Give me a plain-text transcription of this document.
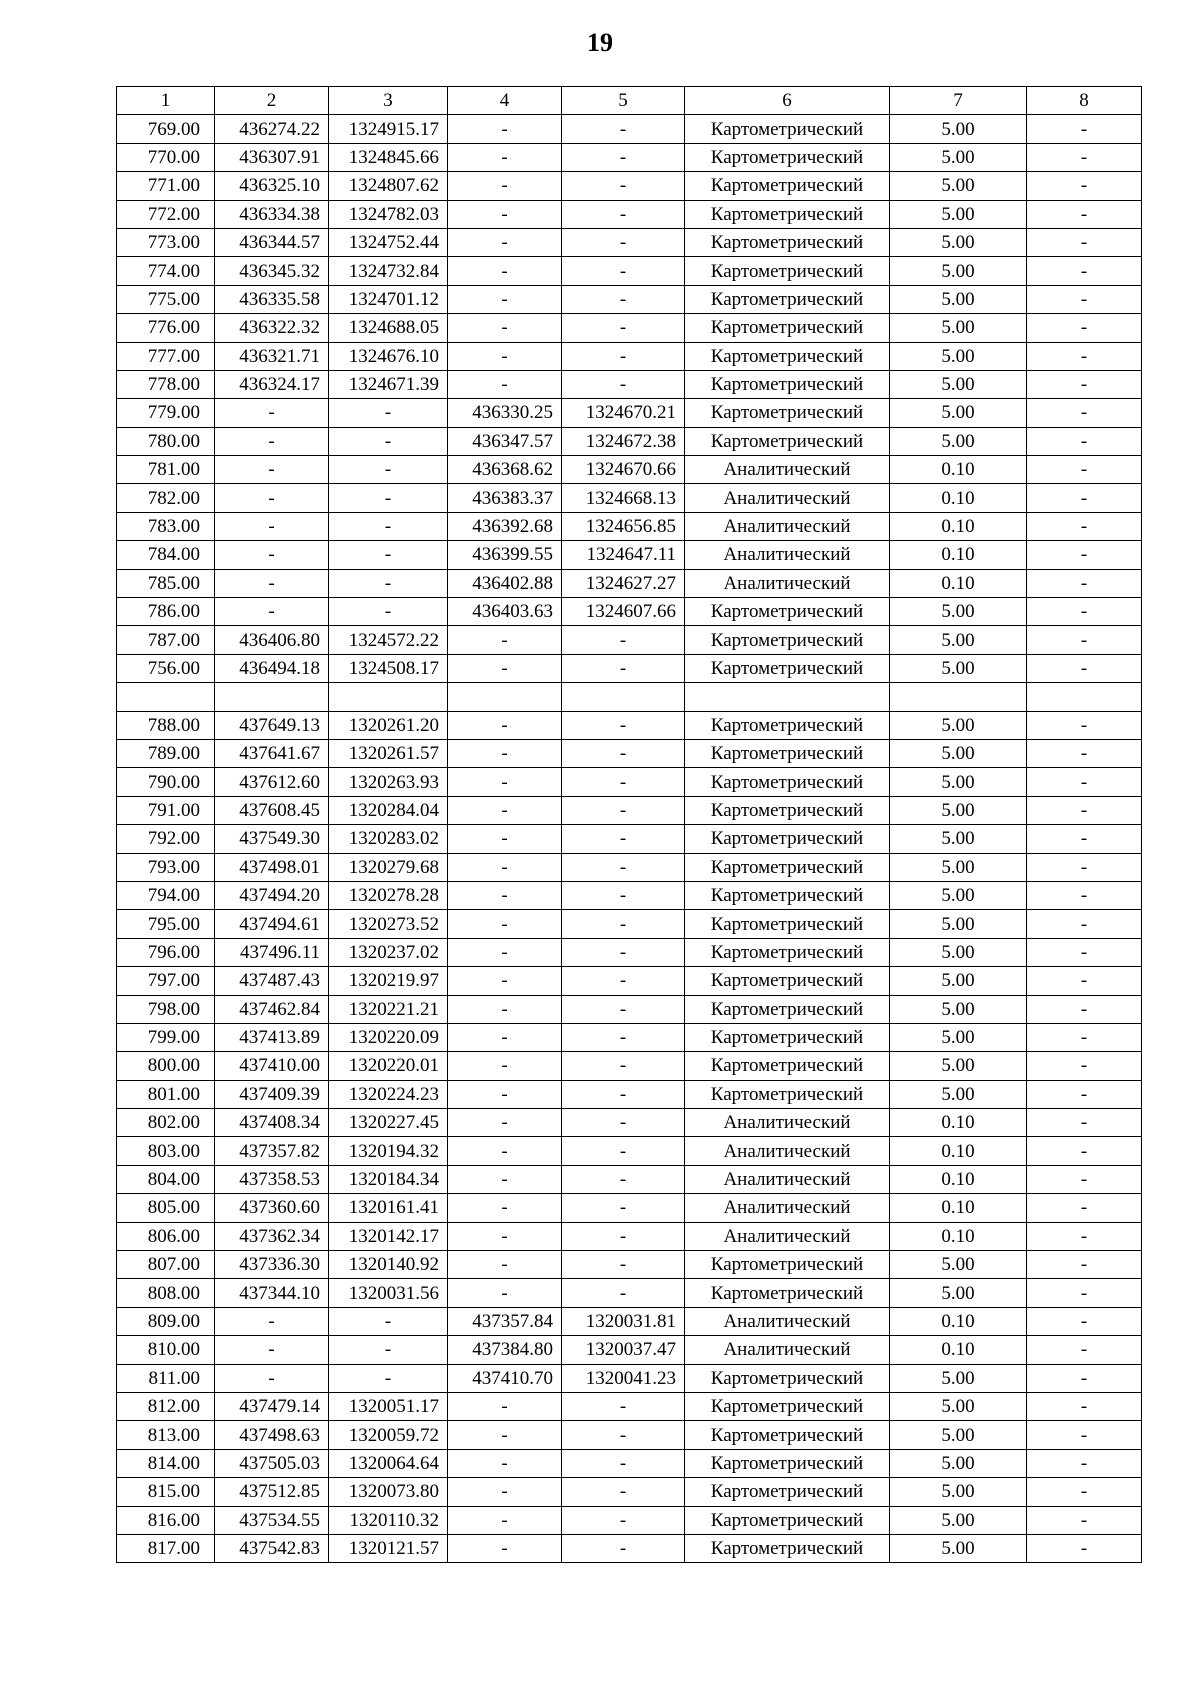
19
1	2	3	4	5	6	7	8
769.00	436274.22	1324915.17	-	-	Картометрический	5.00	-
770.00	436307.91	1324845.66	-	-	Картометрический	5.00	-
771.00	436325.10	1324807.62	-	-	Картометрический	5.00	-
772.00	436334.38	1324782.03	-	-	Картометрический	5.00	-
773.00	436344.57	1324752.44	-	-	Картометрический	5.00	-
774.00	436345.32	1324732.84	-	-	Картометрический	5.00	-
775.00	436335.58	1324701.12	-	-	Картометрический	5.00	-
776.00	436322.32	1324688.05	-	-	Картометрический	5.00	-
777.00	436321.71	1324676.10	-	-	Картометрический	5.00	-
778.00	436324.17	1324671.39	-	-	Картометрический	5.00	-
779.00	-	-	436330.25	1324670.21	Картометрический	5.00	-
780.00	-	-	436347.57	1324672.38	Картометрический	5.00	-
781.00	-	-	436368.62	1324670.66	Аналитический	0.10	-
782.00	-	-	436383.37	1324668.13	Аналитический	0.10	-
783.00	-	-	436392.68	1324656.85	Аналитический	0.10	-
784.00	-	-	436399.55	1324647.11	Аналитический	0.10	-
785.00	-	-	436402.88	1324627.27	Аналитический	0.10	-
786.00	-	-	436403.63	1324607.66	Картометрический	5.00	-
787.00	436406.80	1324572.22	-	-	Картометрический	5.00	-
756.00	436494.18	1324508.17	-	-	Картометрический	5.00	-

788.00	437649.13	1320261.20	-	-	Картометрический	5.00	-
789.00	437641.67	1320261.57	-	-	Картометрический	5.00	-
790.00	437612.60	1320263.93	-	-	Картометрический	5.00	-
791.00	437608.45	1320284.04	-	-	Картометрический	5.00	-
792.00	437549.30	1320283.02	-	-	Картометрический	5.00	-
793.00	437498.01	1320279.68	-	-	Картометрический	5.00	-
794.00	437494.20	1320278.28	-	-	Картометрический	5.00	-
795.00	437494.61	1320273.52	-	-	Картометрический	5.00	-
796.00	437496.11	1320237.02	-	-	Картометрический	5.00	-
797.00	437487.43	1320219.97	-	-	Картометрический	5.00	-
798.00	437462.84	1320221.21	-	-	Картометрический	5.00	-
799.00	437413.89	1320220.09	-	-	Картометрический	5.00	-
800.00	437410.00	1320220.01	-	-	Картометрический	5.00	-
801.00	437409.39	1320224.23	-	-	Картометрический	5.00	-
802.00	437408.34	1320227.45	-	-	Аналитический	0.10	-
803.00	437357.82	1320194.32	-	-	Аналитический	0.10	-
804.00	437358.53	1320184.34	-	-	Аналитический	0.10	-
805.00	437360.60	1320161.41	-	-	Аналитический	0.10	-
806.00	437362.34	1320142.17	-	-	Аналитический	0.10	-
807.00	437336.30	1320140.92	-	-	Картометрический	5.00	-
808.00	437344.10	1320031.56	-	-	Картометрический	5.00	-
809.00	-	-	437357.84	1320031.81	Аналитический	0.10	-
810.00	-	-	437384.80	1320037.47	Аналитический	0.10	-
811.00	-	-	437410.70	1320041.23	Картометрический	5.00	-
812.00	437479.14	1320051.17	-	-	Картометрический	5.00	-
813.00	437498.63	1320059.72	-	-	Картометрический	5.00	-
814.00	437505.03	1320064.64	-	-	Картометрический	5.00	-
815.00	437512.85	1320073.80	-	-	Картометрический	5.00	-
816.00	437534.55	1320110.32	-	-	Картометрический	5.00	-
817.00	437542.83	1320121.57	-	-	Картометрический	5.00	-
